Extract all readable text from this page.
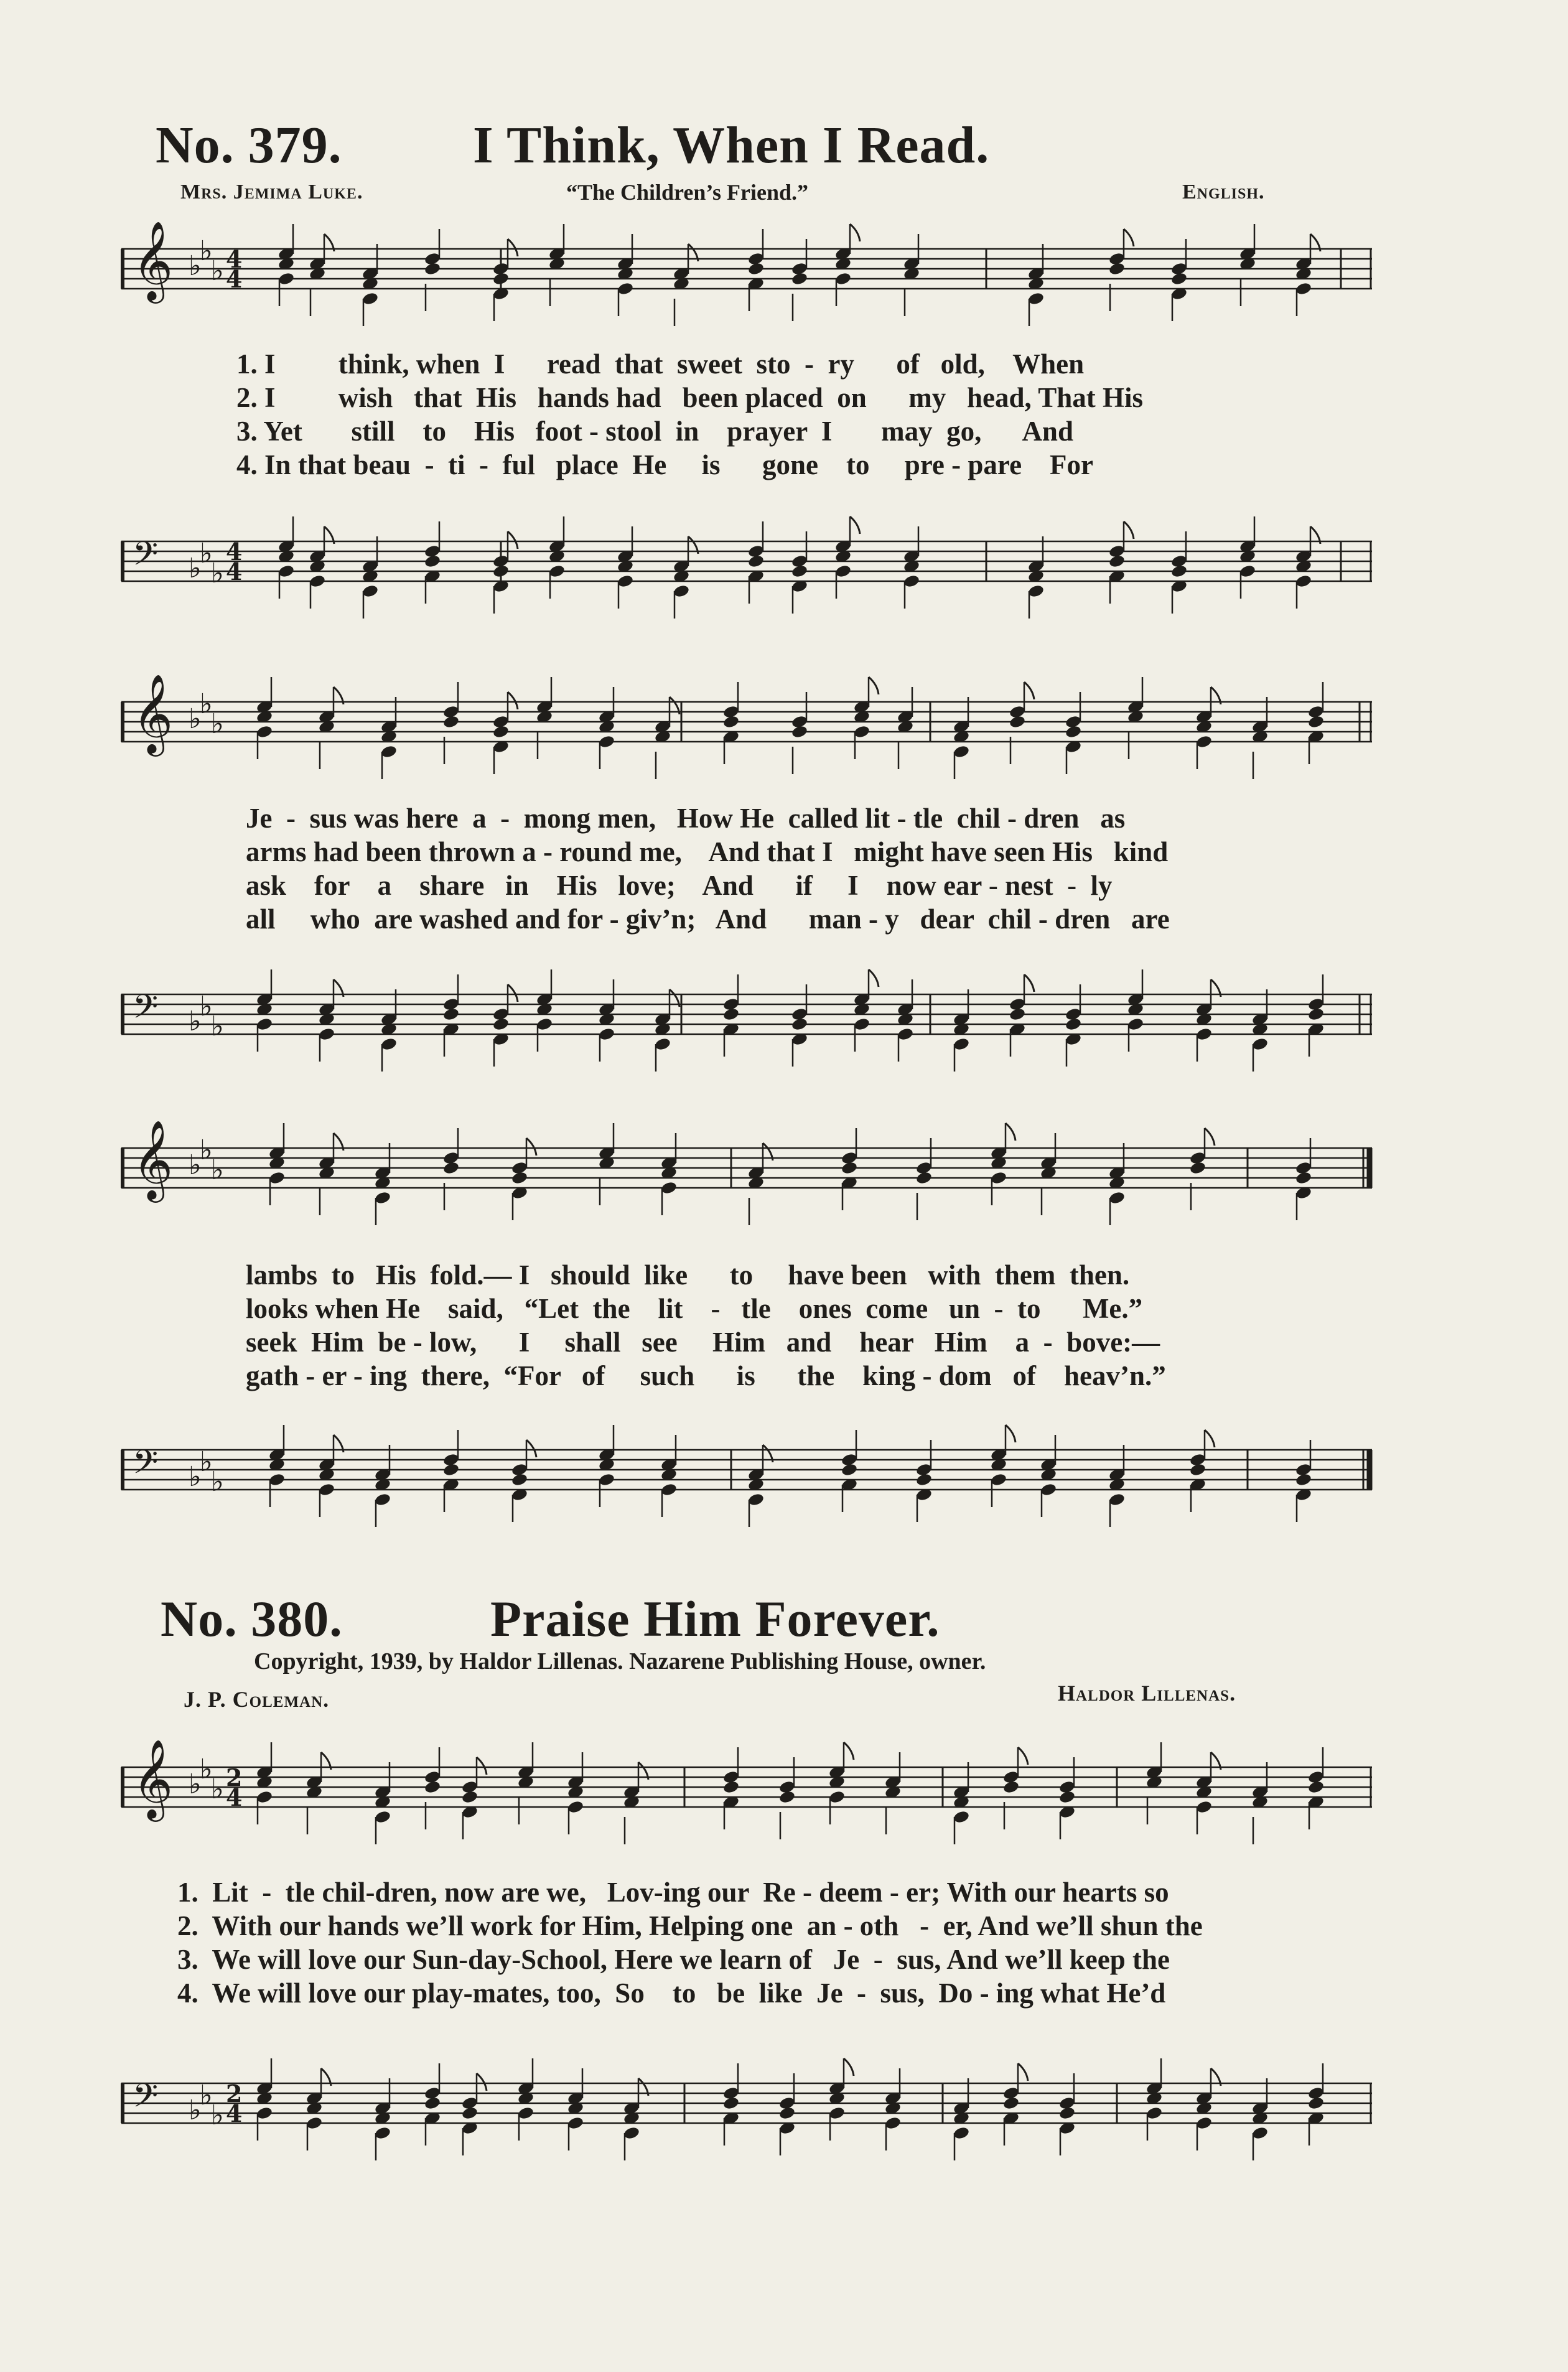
No. 379.	I Think, When I Read.
Mrs. Jemima Luke.	“The Children’s Friend.”	English.
𝄞 ♭
♭
♭ 4
4
1. I         think, when  I      read  that  sweet  sto  -  ry      of   old,    When
2. I         wish   that  His   hands had   been placed  on      my   head, That His
3. Yet       still    to    His   foot - stool  in    prayer  I       may  go,      And
4. In that beau  -  ti  -  ful   place  He     is      gone    to     pre - pare    For
𝄢 ♭
♭
♭
4
4
𝄞 ♭
♭
♭
Je  -  sus was here  a  -  mong men,   How He  called lit - tle  chil - dren   as
arms had been thrown a - round me,    And that I   might have seen His   kind
ask    for    a    share   in    His   love;    And      if     I    now ear - nest  -  ly
all     who  are washed and for - giv’n;   And      man - y   dear  chil - dren   are
𝄢 ♭
♭
♭
𝄞 ♭
♭
♭
lambs  to   His  fold.— I   should  like      to     have been   with  them  then.
looks when He    said,   “Let  the    lit    -   tle    ones  come   un  -  to      Me.”
seek  Him  be - low,      I     shall   see     Him   and    hear   Him    a  -  bove:—
gath - er - ing  there,  “For   of     such      is      the    king - dom   of    heav’n.”
𝄢 ♭
♭
♭
No. 380.	Praise Him Forever.
Copyright, 1939, by Haldor Lillenas. Nazarene Publishing House, owner.
J. P. Coleman.	Haldor Lillenas.
𝄞 ♭
♭
♭ 2
4
1.  Lit  -  tle chil-dren, now are we,   Lov-ing our  Re - deem - er; With our hearts so
2.  With our hands we’ll work for Him, Helping one  an - oth   -  er, And we’ll shun the
3.  We will love our Sun-day-School, Here we learn of   Je  -  sus, And we’ll keep the
4.  We will love our play-mates, too,  So    to   be  like  Je  -  sus,  Do - ing what He’d
𝄢 ♭
♭
♭
2
4
